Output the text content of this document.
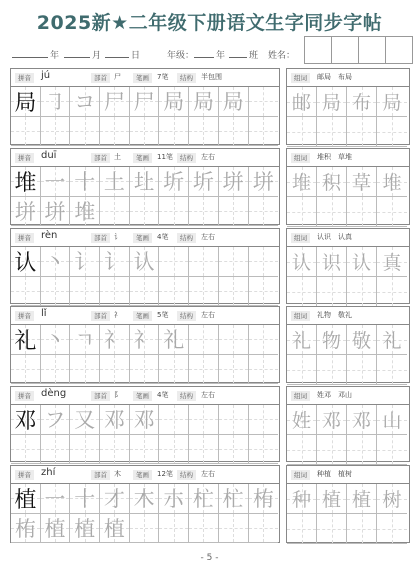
2025新★二年级下册语文生字同步字帖
年	月	日	年级： 年	班 姓名：
拼音	jú	部首	尸	笔画	7笔	结构	半包围
局 ㇆ コ 尸 尸 局 局 局
组词	邮局　布局
邮 局 布 局
拼音	duī	部首	土	笔画	11笔	结构	左右
堆 一 十 土 圵 圻 圻 垪 垪
垪 垪 堆
组词	堆积　草堆
堆 积 草 堆
拼音	rèn	部首	讠	笔画	4笔	结构	左右
认 丶 讠 讠 认
组词	认识　认真
认 识 认 真
拼音	lǐ	部首	礻	笔画	5笔	结构	左右
礼 丶 ㄱ 礻 礻 礼
组词	礼物　敬礼
礼 物 敬 礼
拼音	dèng	部首	阝	笔画	4笔	结构	左右
邓 フ 又 邓 邓
组词	姓邓　邓山
姓 邓 邓 山
拼音	zhí	部首	木	笔画	12笔	结构	左右
植 一 十 才 木 朩 杧 杧 栯
栯 植 植 植
组词	种植　植树
种 植 植 树
- 5 -
